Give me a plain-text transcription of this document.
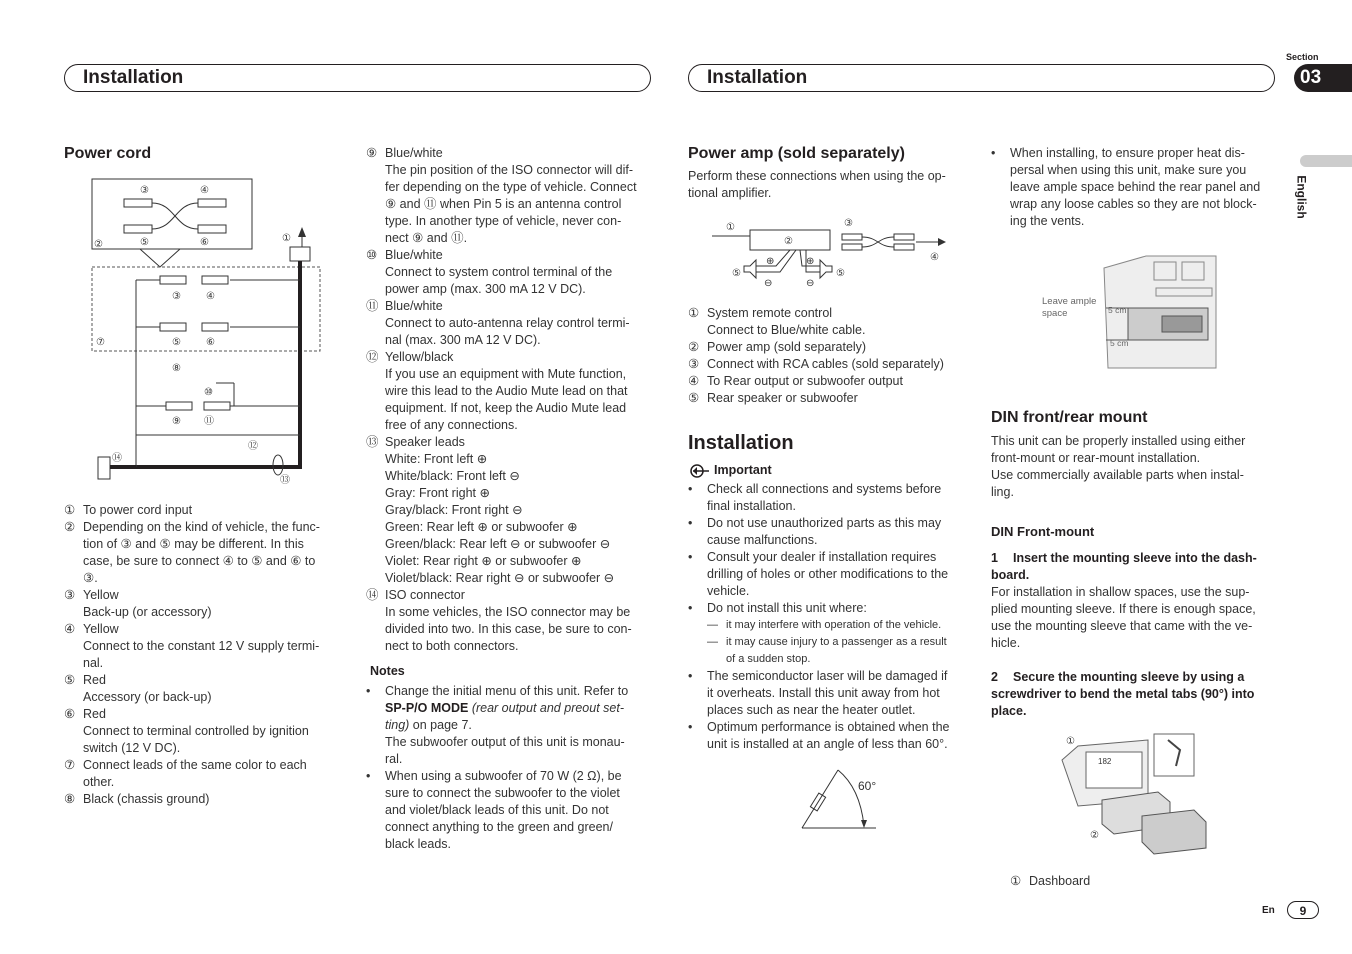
Installation	Installation
Section
03
English
Power cord
③	④
②	⑤	⑥	①
③	④
⑤	⑥
⑦
⑧
⑩
⑨ ⑪
⑫
⑬
⑭
① To power cord input
② Depending on the kind of vehicle, the func-
tion of ③ and ⑤ may be different. In this
case, be sure to connect ④ to ⑤ and ⑥ to
③.
③ Yellow
Back-up (or accessory)
④ Yellow
Connect to the constant 12 V supply termi-
nal.
⑤ Red
Accessory (or back-up)
⑥ Red
Connect to terminal controlled by ignition
switch (12 V DC).
⑦ Connect leads of the same color to each
other.
⑧ Black (chassis ground)
⑨ Blue/white
The pin position of the ISO connector will dif-
fer depending on the type of vehicle. Connect
⑨ and ⑪ when Pin 5 is an antenna control
type. In another type of vehicle, never con-
nect ⑨ and ⑪.
⑩ Blue/white
Connect to system control terminal of the
power amp (max. 300 mA 12 V DC).
⑪ Blue/white
Connect to auto-antenna relay control termi-
nal (max. 300 mA 12 V DC).
⑫ Yellow/black
If you use an equipment with Mute function,
wire this lead to the Audio Mute lead on that
equipment. If not, keep the Audio Mute lead
free of any connections.
⑬ Speaker leads
White: Front left ⊕
White/black: Front left ⊖
Gray: Front right ⊕
Gray/black: Front right ⊖
Green: Rear left ⊕ or subwoofer ⊕
Green/black: Rear left ⊖ or subwoofer ⊖
Violet: Rear right ⊕ or subwoofer ⊕
Violet/black: Rear right ⊖ or subwoofer ⊖
⑭ ISO connector
In some vehicles, the ISO connector may be
divided into two. In this case, be sure to con-
nect to both connectors.
Notes
•	Change the initial menu of this unit. Refer to
SP-P/O MODE (rear output and preout set-
ting) on page 7.
The subwoofer output of this unit is monau-
ral.
•	When using a subwoofer of 70 W (2 Ω), be
sure to connect the subwoofer to the violet
and violet/black leads of this unit. Do not
connect anything to the green and green/
black leads.
Power amp (sold separately)
Perform these connections when using the op-
tional amplifier.
①
②
③
④
⑤	⑤
⊕	⊕
⊖	⊖
① System remote control
Connect to Blue/white cable.
② Power amp (sold separately)
③ Connect with RCA cables (sold separately)
④ To Rear output or subwoofer output
⑤ Rear speaker or subwoofer
Installation
Important
•	Check all connections and systems before
final installation.
•	Do not use unauthorized parts as this may
cause malfunctions.
•	Consult your dealer if installation requires
drilling of holes or other modifications to the
vehicle.
•	Do not install this unit where:
— it may interfere with operation of the vehicle.
— it may cause injury to a passenger as a result
of a sudden stop.
•	The semiconductor laser will be damaged if
it overheats. Install this unit away from hot
places such as near the heater outlet.
•	Optimum performance is obtained when the
unit is installed at an angle of less than 60°.
60°
•	When installing, to ensure proper heat dis-
persal when using this unit, make sure you
leave ample space behind the rear panel and
wrap any loose cables so they are not block-
ing the vents.
Leave ample
space	5 cm
5 cm
DIN front/rear mount
This unit can be properly installed using either
front-mount or rear-mount installation.
Use commercially available parts when instal-
ling.
DIN Front-mount
1	Insert the mounting sleeve into the dash-
board.
For installation in shallow spaces, use the sup-
plied mounting sleeve. If there is enough space,
use the mounting sleeve that came with the ve-
hicle.
2	Secure the mounting sleeve by using a
screwdriver to bend the metal tabs (90°) into
place.
①
182
②
① Dashboard
En	9
